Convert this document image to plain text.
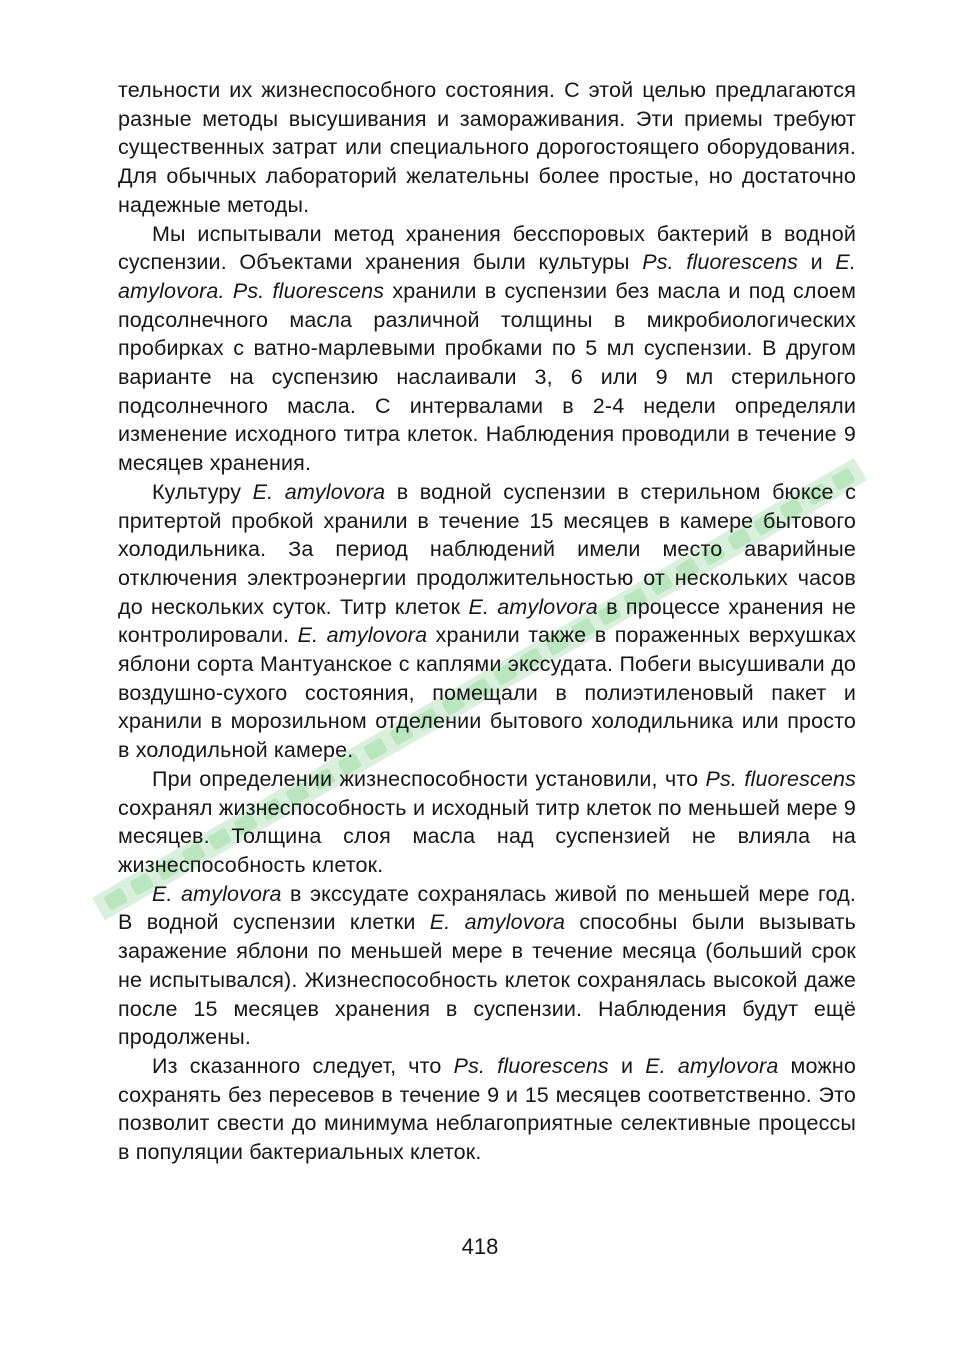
тельности их жизнеспособного состояния. С этой целью предлагаются разные методы высушивания и замораживания. Эти приемы требуют существенных затрат или специального дорогостоящего оборудования. Для обычных лабораторий желательны более простые, но достаточно надежные методы.

Мы испытывали метод хранения бесспоровых бактерий в водной суспензии. Объектами хранения были культуры Ps. fluorescens и E. amylovora. Ps. fluorescens хранили в суспензии без масла и под слоем подсолнечного масла различной толщины в микробиологических пробирках с ватно-марлевыми пробками по 5 мл суспензии. В другом варианте на суспензию наслаивали 3, 6 или 9 мл стерильного подсолнечного масла. С интервалами в 2-4 недели определяли изменение исходного титра клеток. Наблюдения проводили в течение 9 месяцев хранения.

Культуру E. amylovora в водной суспензии в стерильном бюксе с притертой пробкой хранили в течение 15 месяцев в камере бытового холодильника. За период наблюдений имели место аварийные отключения электроэнергии продолжительностью от нескольких часов до нескольких суток. Титр клеток E. amylovora в процессе хранения не контролировали. E. amylovora хранили также в пораженных верхушках яблони сорта Мантуанское с каплями экссудата. Побеги высушивали до воздушно-сухого состояния, помещали в полиэтиленовый пакет и хранили в морозильном отделении бытового холодильника или просто в холодильной камере.

При определении жизнеспособности установили, что Ps. fluorescens сохранял жизнеспособность и исходный титр клеток по меньшей мере 9 месяцев. Толщина слоя масла над суспензией не влияла на жизнеспособность клеток.

E. amylovora в экссудате сохранялась живой по меньшей мере год. В водной суспензии клетки E. amylovora способны были вызывать заражение яблони по меньшей мере в течение месяца (больший срок не испытывался). Жизнеспособность клеток сохранялась высокой даже после 15 месяцев хранения в суспензии. Наблюдения будут ещё продолжены.

Из сказанного следует, что Ps. fluorescens и E. amylovora можно сохранять без пересевов в течение 9 и 15 месяцев соответственно. Это позволит свести до минимума неблагоприятные селективные процессы в популяции бактериальных клеток.

418
